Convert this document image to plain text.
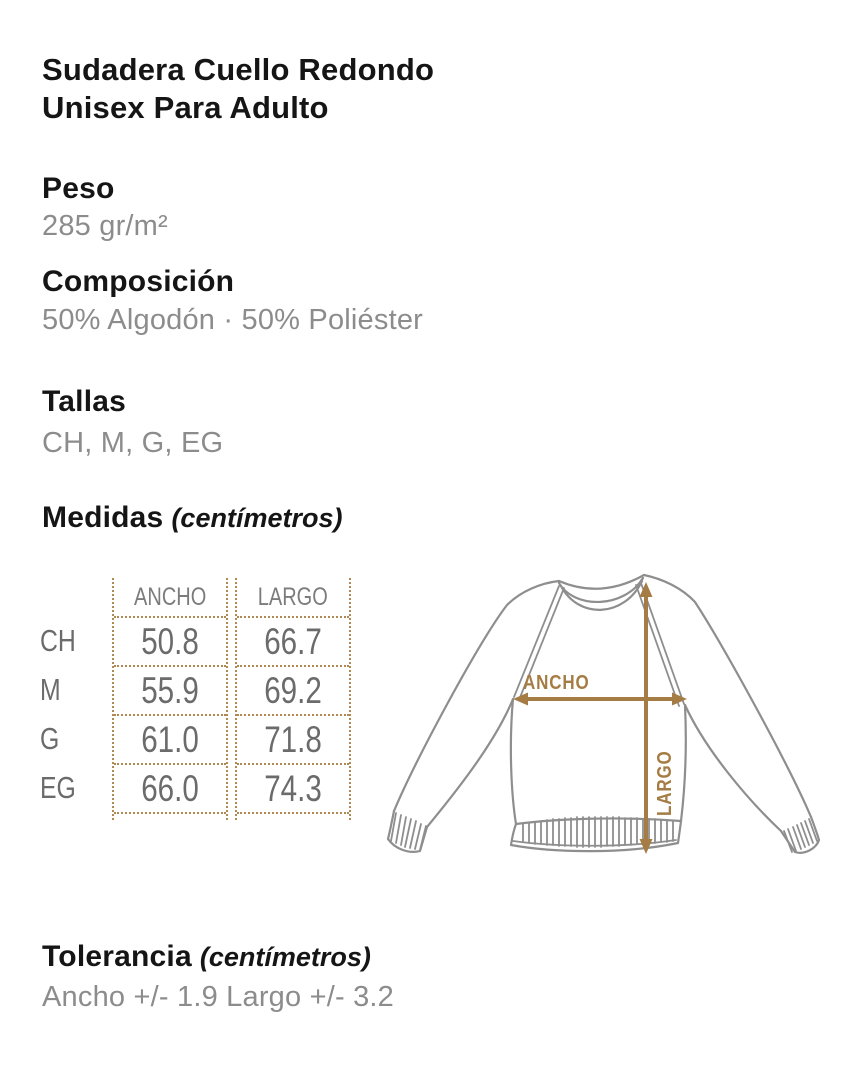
Sudadera Cuello Redondo
Unisex Para Adulto
Peso
285 gr/m²
Composición
50% Algodón · 50% Poliéster
Tallas
CH, M, G, EG
Medidas (centímetros)
CH
M
G
EG
ANCHO
50.8
55.9
61.0
66.0
LARGO
66.7
69.2
71.8
74.3
ANCHO
LARGO
Tolerancia (centímetros)
Ancho +/- 1.9 Largo +/- 3.2
